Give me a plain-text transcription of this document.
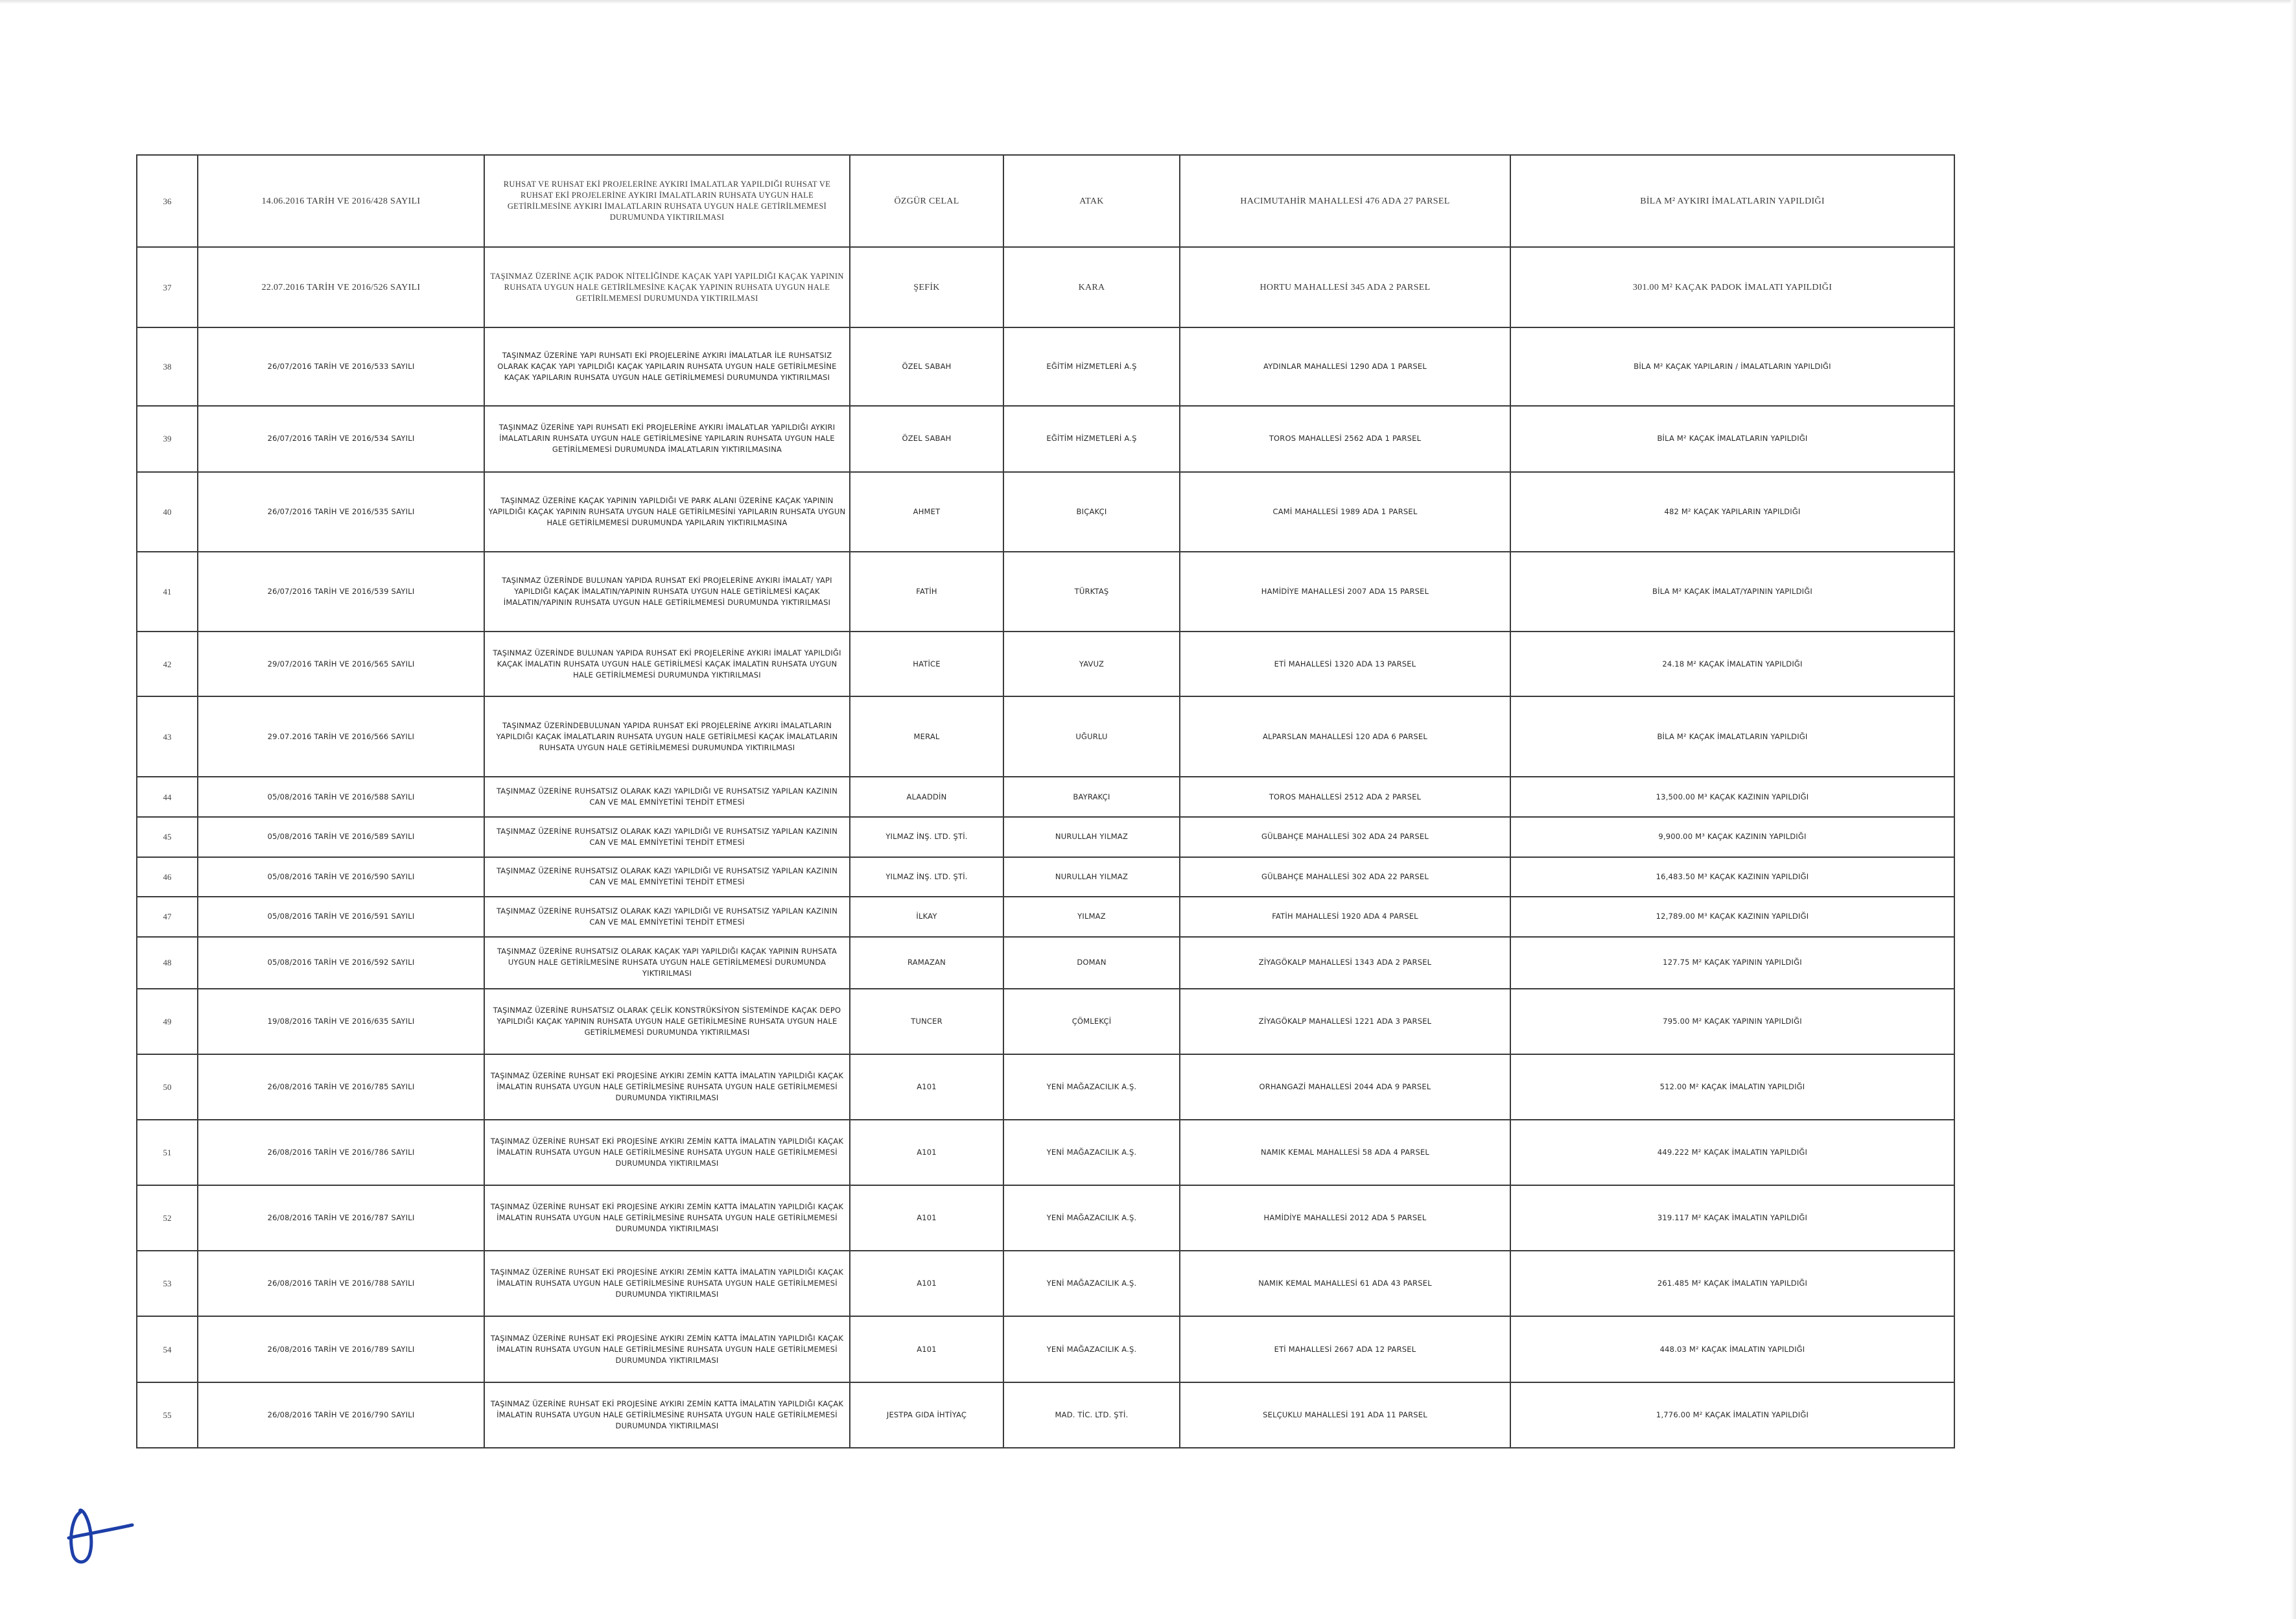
36	14.06.2016 TARİH VE 2016/428 SAYILI	RUHSAT VE RUHSAT EKİ PROJELERİNE AYKIRI İMALATLAR YAPILDIĞI RUHSAT VE RUHSAT EKİ PROJELERİNE AYKIRI İMALATLARIN RUHSATA UYGUN HALE GETİRİLMESİNE AYKIRI İMALATLARIN RUHSATA UYGUN HALE GETİRİLMEMESİ DURUMUNDA YIKTIRILMASI	ÖZGÜR CELAL	ATAK	HACIMUTAHİR MAHALLESİ 476 ADA 27 PARSEL	BİLA M² AYKIRI İMALATLARIN YAPILDIĞI
37	22.07.2016 TARİH VE 2016/526 SAYILI	TAŞINMAZ ÜZERİNE AÇIK PADOK NİTELİĞİNDE KAÇAK YAPI YAPILDIĞI KAÇAK YAPININ RUHSATA UYGUN HALE GETİRİLMESİNE KAÇAK YAPININ RUHSATA UYGUN HALE GETİRİLMEMESİ DURUMUNDA YIKTIRILMASI	ŞEFİK	KARA	HORTU MAHALLESİ 345 ADA 2 PARSEL	301.00 M² KAÇAK PADOK İMALATI YAPILDIĞI
38	26/07/2016 TARİH VE 2016/533 SAYILI	TAŞINMAZ ÜZERİNE YAPI RUHSATI EKİ PROJELERİNE AYKIRI İMALATLAR İLE RUHSATSIZ OLARAK KAÇAK YAPI YAPILDIĞI KAÇAK YAPILARIN RUHSATA UYGUN HALE GETİRİLMESİNE KAÇAK YAPILARIN RUHSATA UYGUN HALE GETİRİLMEMESİ DURUMUNDA YIKTIRILMASI	ÖZEL SABAH	EĞİTİM HİZMETLERİ A.Ş	AYDINLAR MAHALLESİ 1290 ADA 1 PARSEL	BİLA M² KAÇAK YAPILARIN / İMALATLARIN YAPILDIĞI
39	26/07/2016 TARİH VE 2016/534 SAYILI	TAŞINMAZ ÜZERİNE YAPI RUHSATI EKİ PROJELERİNE AYKIRI İMALATLAR YAPILDIĞI AYKIRI İMALATLARIN RUHSATA UYGUN HALE GETİRİLMESİNE YAPILARIN RUHSATA UYGUN HALE GETİRİLMEMESİ DURUMUNDA İMALATLARIN YIKTIRILMASINA	ÖZEL SABAH	EĞİTİM HİZMETLERİ A.Ş	TOROS MAHALLESİ 2562 ADA 1 PARSEL	BİLA M² KAÇAK İMALATLARIN YAPILDIĞI
40	26/07/2016 TARİH VE 2016/535 SAYILI	TAŞINMAZ ÜZERİNE KAÇAK YAPININ YAPILDIĞI VE PARK ALANI ÜZERİNE KAÇAK YAPININ YAPILDIĞI KAÇAK YAPININ RUHSATA UYGUN HALE GETİRİLMESİNİ YAPILARIN RUHSATA UYGUN HALE GETİRİLMEMESİ DURUMUNDA YAPILARIN YIKTIRILMASINA	AHMET	BIÇAKÇI	CAMİ MAHALLESİ 1989 ADA 1 PARSEL	482 M² KAÇAK YAPILARIN YAPILDIĞI
41	26/07/2016 TARİH VE 2016/539 SAYILI	TAŞINMAZ ÜZERİNDE BULUNAN YAPIDA RUHSAT EKİ PROJELERİNE AYKIRI İMALAT/ YAPI YAPILDIĞI KAÇAK İMALATIN/YAPININ RUHSATA UYGUN HALE GETİRİLMESİ KAÇAK İMALATIN/YAPININ RUHSATA UYGUN HALE GETİRİLMEMESİ DURUMUNDA YIKTIRILMASI	FATİH	TÜRKTAŞ	HAMİDİYE MAHALLESİ 2007 ADA 15 PARSEL	BİLA M² KAÇAK İMALAT/YAPININ YAPILDIĞI
42	29/07/2016 TARİH VE 2016/565 SAYILI	TAŞINMAZ ÜZERİNDE BULUNAN YAPIDA RUHSAT EKİ PROJELERİNE AYKIRI İMALAT YAPILDIĞI KAÇAK İMALATIN RUHSATA UYGUN HALE GETİRİLMESİ KAÇAK İMALATIN RUHSATA UYGUN HALE GETİRİLMEMESİ DURUMUNDA YIKTIRILMASI	HATİCE	YAVUZ	ETİ MAHALLESİ 1320 ADA 13 PARSEL	24.18 M² KAÇAK İMALATIN YAPILDIĞI
43	29.07.2016 TARİH VE 2016/566 SAYILI	TAŞINMAZ ÜZERİNDEBULUNAN YAPIDA RUHSAT EKİ PROJELERİNE AYKIRI İMALATLARIN YAPILDIĞI KAÇAK İMALATLARIN RUHSATA UYGUN HALE GETİRİLMESİ KAÇAK İMALATLARIN RUHSATA UYGUN HALE GETİRİLMEMESİ DURUMUNDA YIKTIRILMASI	MERAL	UĞURLU	ALPARSLAN MAHALLESİ 120 ADA 6 PARSEL	BİLA M² KAÇAK İMALATLARIN YAPILDIĞI
44	05/08/2016 TARİH VE 2016/588 SAYILI	TAŞINMAZ ÜZERİNE RUHSATSIZ OLARAK KAZI YAPILDIĞI VE RUHSATSIZ YAPILAN KAZININ CAN VE MAL EMNİYETİNİ TEHDİT ETMESİ	ALAADDİN	BAYRAKÇI	TOROS MAHALLESİ 2512 ADA 2 PARSEL	13,500.00 M³ KAÇAK KAZININ YAPILDIĞI
45	05/08/2016 TARİH VE 2016/589 SAYILI	TAŞINMAZ ÜZERİNE RUHSATSIZ OLARAK KAZI YAPILDIĞI VE RUHSATSIZ YAPILAN KAZININ CAN VE MAL EMNİYETİNİ TEHDİT ETMESİ	YILMAZ İNŞ. LTD. ŞTİ.	NURULLAH YILMAZ	GÜLBAHÇE MAHALLESİ 302 ADA 24 PARSEL	9,900.00 M³ KAÇAK KAZININ YAPILDIĞI
46	05/08/2016 TARİH VE 2016/590 SAYILI	TAŞINMAZ ÜZERİNE RUHSATSIZ OLARAK KAZI YAPILDIĞI VE RUHSATSIZ YAPILAN KAZININ CAN VE MAL EMNİYETİNİ TEHDİT ETMESİ	YILMAZ İNŞ. LTD. ŞTİ.	NURULLAH YILMAZ	GÜLBAHÇE MAHALLESİ 302 ADA 22 PARSEL	16,483.50 M³ KAÇAK KAZININ YAPILDIĞI
47	05/08/2016 TARİH VE 2016/591 SAYILI	TAŞINMAZ ÜZERİNE RUHSATSIZ OLARAK KAZI YAPILDIĞI VE RUHSATSIZ YAPILAN KAZININ CAN VE MAL EMNİYETİNİ TEHDİT ETMESİ	İLKAY	YILMAZ	FATİH MAHALLESİ 1920 ADA 4 PARSEL	12,789.00 M³ KAÇAK KAZININ YAPILDIĞI
48	05/08/2016 TARİH VE 2016/592 SAYILI	TAŞINMAZ ÜZERİNE RUHSATSIZ OLARAK KAÇAK YAPI YAPILDIĞI KAÇAK YAPININ RUHSATA UYGUN HALE GETİRİLMESİNE RUHSATA UYGUN HALE GETİRİLMEMESİ DURUMUNDA YIKTIRILMASI	RAMAZAN	DOMAN	ZİYAGÖKALP MAHALLESİ 1343 ADA 2 PARSEL	127.75 M² KAÇAK YAPININ YAPILDIĞI
49	19/08/2016 TARİH VE 2016/635 SAYILI	TAŞINMAZ ÜZERİNE RUHSATSIZ OLARAK ÇELİK KONSTRÜKSİYON SİSTEMİNDE KAÇAK DEPO YAPILDIĞI KAÇAK YAPININ RUHSATA UYGUN HALE GETİRİLMESİNE RUHSATA UYGUN HALE GETİRİLMEMESİ DURUMUNDA YIKTIRILMASI	TUNCER	ÇÖMLEKÇİ	ZİYAGÖKALP MAHALLESİ 1221 ADA 3 PARSEL	795.00 M² KAÇAK YAPININ YAPILDIĞI
50	26/08/2016 TARİH VE 2016/785 SAYILI	TAŞINMAZ ÜZERİNE RUHSAT EKİ PROJESİNE AYKIRI ZEMİN KATTA İMALATIN YAPILDIĞI KAÇAK İMALATIN RUHSATA UYGUN HALE GETİRİLMESİNE RUHSATA UYGUN HALE GETİRİLMEMESİ DURUMUNDA YIKTIRILMASI	A101	YENİ MAĞAZACILIK A.Ş.	ORHANGAZİ MAHALLESİ 2044 ADA 9 PARSEL	512.00 M² KAÇAK İMALATIN YAPILDIĞI
51	26/08/2016 TARİH VE 2016/786 SAYILI	TAŞINMAZ ÜZERİNE RUHSAT EKİ PROJESİNE AYKIRI ZEMİN KATTA İMALATIN YAPILDIĞI KAÇAK İMALATIN RUHSATA UYGUN HALE GETİRİLMESİNE RUHSATA UYGUN HALE GETİRİLMEMESİ DURUMUNDA YIKTIRILMASI	A101	YENİ MAĞAZACILIK A.Ş.	NAMIK KEMAL MAHALLESİ 58 ADA 4 PARSEL	449.222 M² KAÇAK İMALATIN YAPILDIĞI
52	26/08/2016 TARİH VE 2016/787 SAYILI	TAŞINMAZ ÜZERİNE RUHSAT EKİ PROJESİNE AYKIRI ZEMİN KATTA İMALATIN YAPILDIĞI KAÇAK İMALATIN RUHSATA UYGUN HALE GETİRİLMESİNE RUHSATA UYGUN HALE GETİRİLMEMESİ DURUMUNDA YIKTIRILMASI	A101	YENİ MAĞAZACILIK A.Ş.	HAMİDİYE MAHALLESİ 2012 ADA 5 PARSEL	319.117 M² KAÇAK İMALATIN YAPILDIĞI
53	26/08/2016 TARİH VE 2016/788 SAYILI	TAŞINMAZ ÜZERİNE RUHSAT EKİ PROJESİNE AYKIRI ZEMİN KATTA İMALATIN YAPILDIĞI KAÇAK İMALATIN RUHSATA UYGUN HALE GETİRİLMESİNE RUHSATA UYGUN HALE GETİRİLMEMESİ DURUMUNDA YIKTIRILMASI	A101	YENİ MAĞAZACILIK A.Ş.	NAMIK KEMAL MAHALLESİ 61 ADA 43 PARSEL	261.485 M² KAÇAK İMALATIN YAPILDIĞI
54	26/08/2016 TARİH VE 2016/789 SAYILI	TAŞINMAZ ÜZERİNE RUHSAT EKİ PROJESİNE AYKIRI ZEMİN KATTA İMALATIN YAPILDIĞI KAÇAK İMALATIN RUHSATA UYGUN HALE GETİRİLMESİNE RUHSATA UYGUN HALE GETİRİLMEMESİ DURUMUNDA YIKTIRILMASI	A101	YENİ MAĞAZACILIK A.Ş.	ETİ MAHALLESİ 2667 ADA 12 PARSEL	448.03 M² KAÇAK İMALATIN YAPILDIĞI
55	26/08/2016 TARİH VE 2016/790 SAYILI	TAŞINMAZ ÜZERİNE RUHSAT EKİ PROJESİNE AYKIRI ZEMİN KATTA İMALATIN YAPILDIĞI KAÇAK İMALATIN RUHSATA UYGUN HALE GETİRİLMESİNE RUHSATA UYGUN HALE GETİRİLMEMESİ DURUMUNDA YIKTIRILMASI	JESTPA GIDA İHTİYAÇ	MAD. TİC. LTD. ŞTİ.	SELÇUKLU MAHALLESİ 191 ADA 11 PARSEL	1,776.00 M² KAÇAK İMALATIN YAPILDIĞI
